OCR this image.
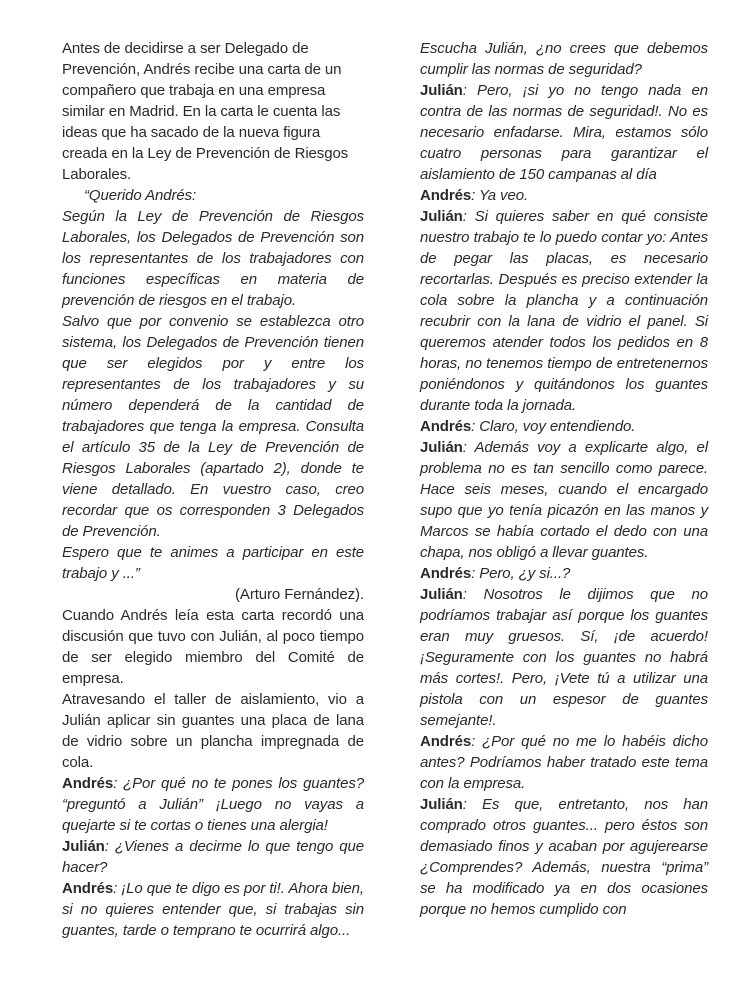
Antes de decidirse a ser Delegado de Prevención, Andrés recibe una carta de un compañero que trabaja en una empresa similar en Madrid. En la carta le cuenta las ideas que ha sacado de la nueva figura creada en la Ley de Prevención de Riesgos Laborales.

“Querido Andrés:

Según la Ley de Prevención de Riesgos Laborales, los Delegados de Prevención son los representantes de los trabajadores con funciones específicas en materia de prevención de riesgos en el trabajo.

Salvo que por convenio se establezca otro sistema, los Delegados de Prevención tienen que ser elegidos por y entre los representantes de los trabajadores y su número dependerá de la cantidad de trabajadores que tenga la empresa. Consulta el artículo 35 de la Ley de Prevención de Riesgos Laborales (apartado 2), donde te viene detallado. En vuestro caso, creo recordar que os corresponden 3 Delegados de Prevención.

Espero que te animes a participar en este trabajo y ...”

(Arturo Fernández).

Cuando Andrés leía esta carta recordó una discusión que tuvo con Julián, al poco tiempo de ser elegido miembro del Comité de empresa.

Atravesando el taller de aislamiento, vio a Julián aplicar sin guantes una placa de lana de vidrio sobre un plancha impregnada de cola.

Andrés: ¿Por qué no te pones los guantes? “preguntó a Julián” ¡Luego no vayas a quejarte si te cortas o tienes una alergia!

Julián: ¿Vienes a decirme lo que tengo que hacer?

Andrés: ¡Lo que te digo es por ti!. Ahora bien, si no quieres entender que, si trabajas sin guantes, tarde o temprano te ocurrirá algo...

Escucha Julián, ¿no crees que debemos cumplir las normas de seguridad?

Julián: Pero, ¡si yo no tengo nada en contra de las normas de seguridad!. No es necesario enfadarse. Mira, estamos sólo cuatro personas para garantizar el aislamiento de 150 campanas al día

Andrés: Ya veo.

Julián: Si quieres saber en qué consiste nuestro trabajo te lo puedo contar yo: Antes de pegar las placas, es necesario recortarlas. Después es preciso extender la cola sobre la plancha y a continuación recubrir con la lana de vidrio el panel. Si queremos atender todos los pedidos en 8 horas, no tenemos tiempo de entretenernos poniéndonos y quitándonos los guantes durante toda la jornada.

Andrés: Claro, voy entendiendo.

Julián: Además voy a explicarte algo, el problema no es tan sencillo como parece. Hace seis meses, cuando el encargado supo que yo tenía picazón en las manos y Marcos se había cortado el dedo con una chapa, nos obligó a llevar guantes.

Andrés: Pero, ¿y si...?

Julián: Nosotros le dijimos que no podríamos trabajar así porque los guantes eran muy gruesos. Sí, ¡de acuerdo! ¡Seguramente con los guantes no habrá más cortes!. Pero, ¡Vete tú a utilizar una pistola con un espesor de guantes semejante!.

Andrés: ¿Por qué no me lo habéis dicho antes? Podríamos haber tratado este tema con la empresa.

Julián: Es que, entretanto, nos han comprado otros guantes... pero éstos son demasiado finos y acaban por agujerearse ¿Comprendes? Además, nuestra “prima” se ha modificado ya en dos ocasiones porque no hemos cumplido con
